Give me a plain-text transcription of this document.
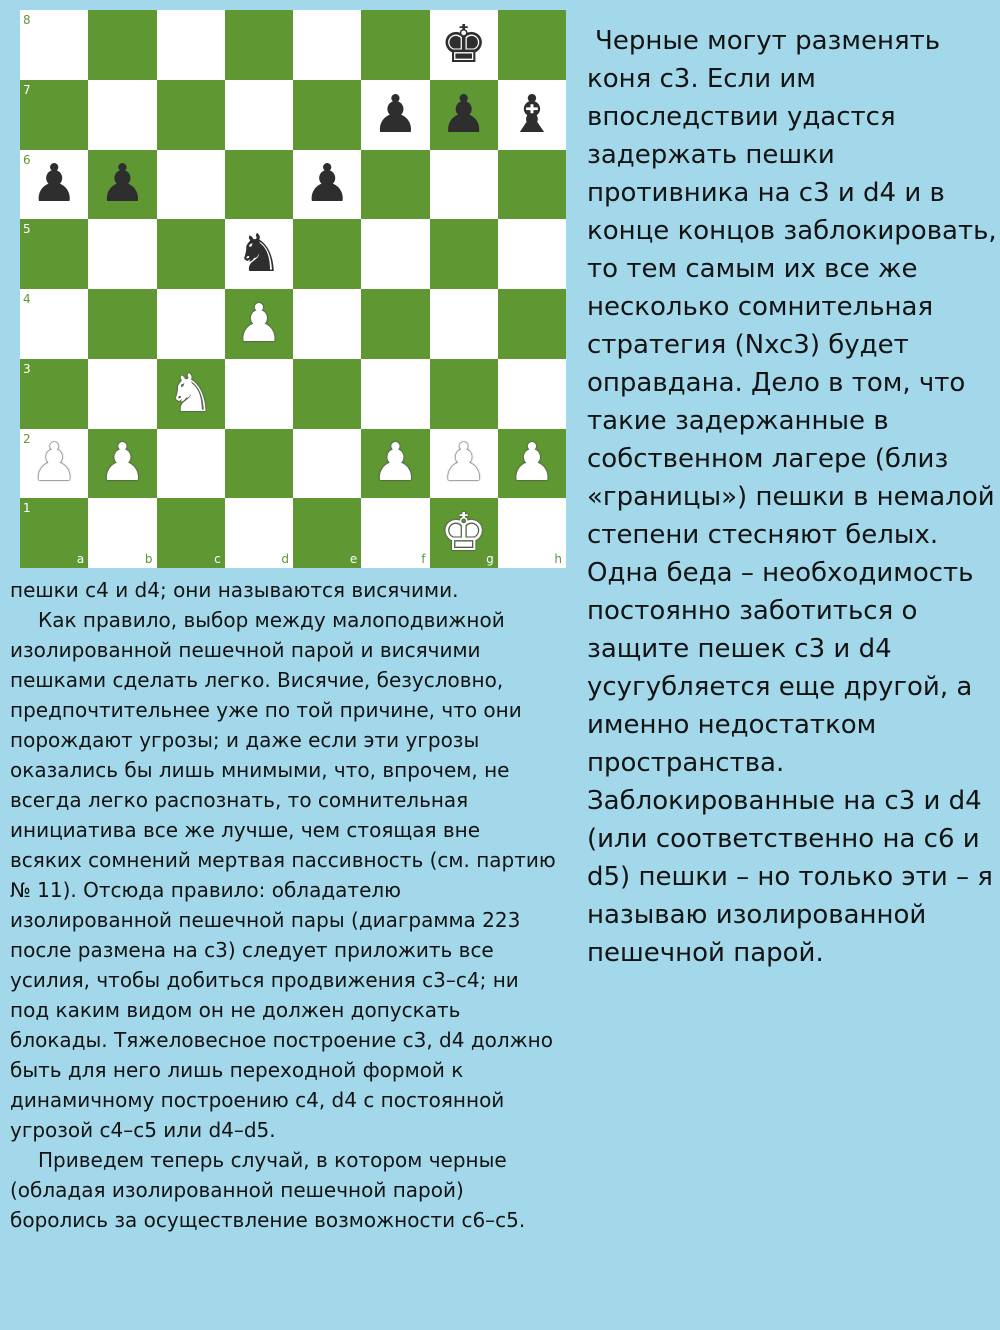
8	♚
7	♟ ♟ ♝
6 ♟ ♟	♟
5	♞
4	♟
3	♞
2 ♟ ♟	♟ ♟ ♟
1
a	b	c	d	e	f	g
♚	h

пешки с4 и d4; они называются висячими.

Как правило, выбор между малоподвижной изолированной пешечной парой и висячими пешками сделать легко. Висячие, безусловно, предпочтительнее уже по той причине, что они порождают угрозы; и даже если эти угрозы оказались бы лишь мнимыми, что, впрочем, не всегда легко распознать, то сомнительная инициатива все же лучше, чем стоящая вне всяких сомнений мертвая пассивность (см. партию № 11). Отсюда правило: обладателю изолированной пешечной пары (диаграмма 223 после размена на с3) следует приложить все усилия, чтобы добиться продвижения с3–с4; ни под каким видом он не должен допускать блокады. Тяжеловесное построение с3, d4 должно быть для него лишь переходной формой к динамичному построению с4, d4 с постоянной угрозой с4–с5 или d4–d5.

Приведем теперь случай, в котором черные (обладая изолированной пешечной парой) боролись за осуществление возможности с6–с5.

Черные могут разменять коня с3. Если им впоследствии удастся задержать пешки противника на с3 и d4 и в конце концов заблокировать, то тем самым их все же несколько сомнительная стратегия (Nxc3) будет оправдана. Дело в том, что такие задержанные в собственном лагере (близ «границы») пешки в немалой степени стесняют белых. Одна беда – необходимость постоянно заботиться о защите пешек с3 и d4 усугубляется еще другой, а именно недостатком пространства. Заблокированные на с3 и d4 (или соответственно на с6 и d5) пешки – но только эти – я называю изолированной пешечной парой.
